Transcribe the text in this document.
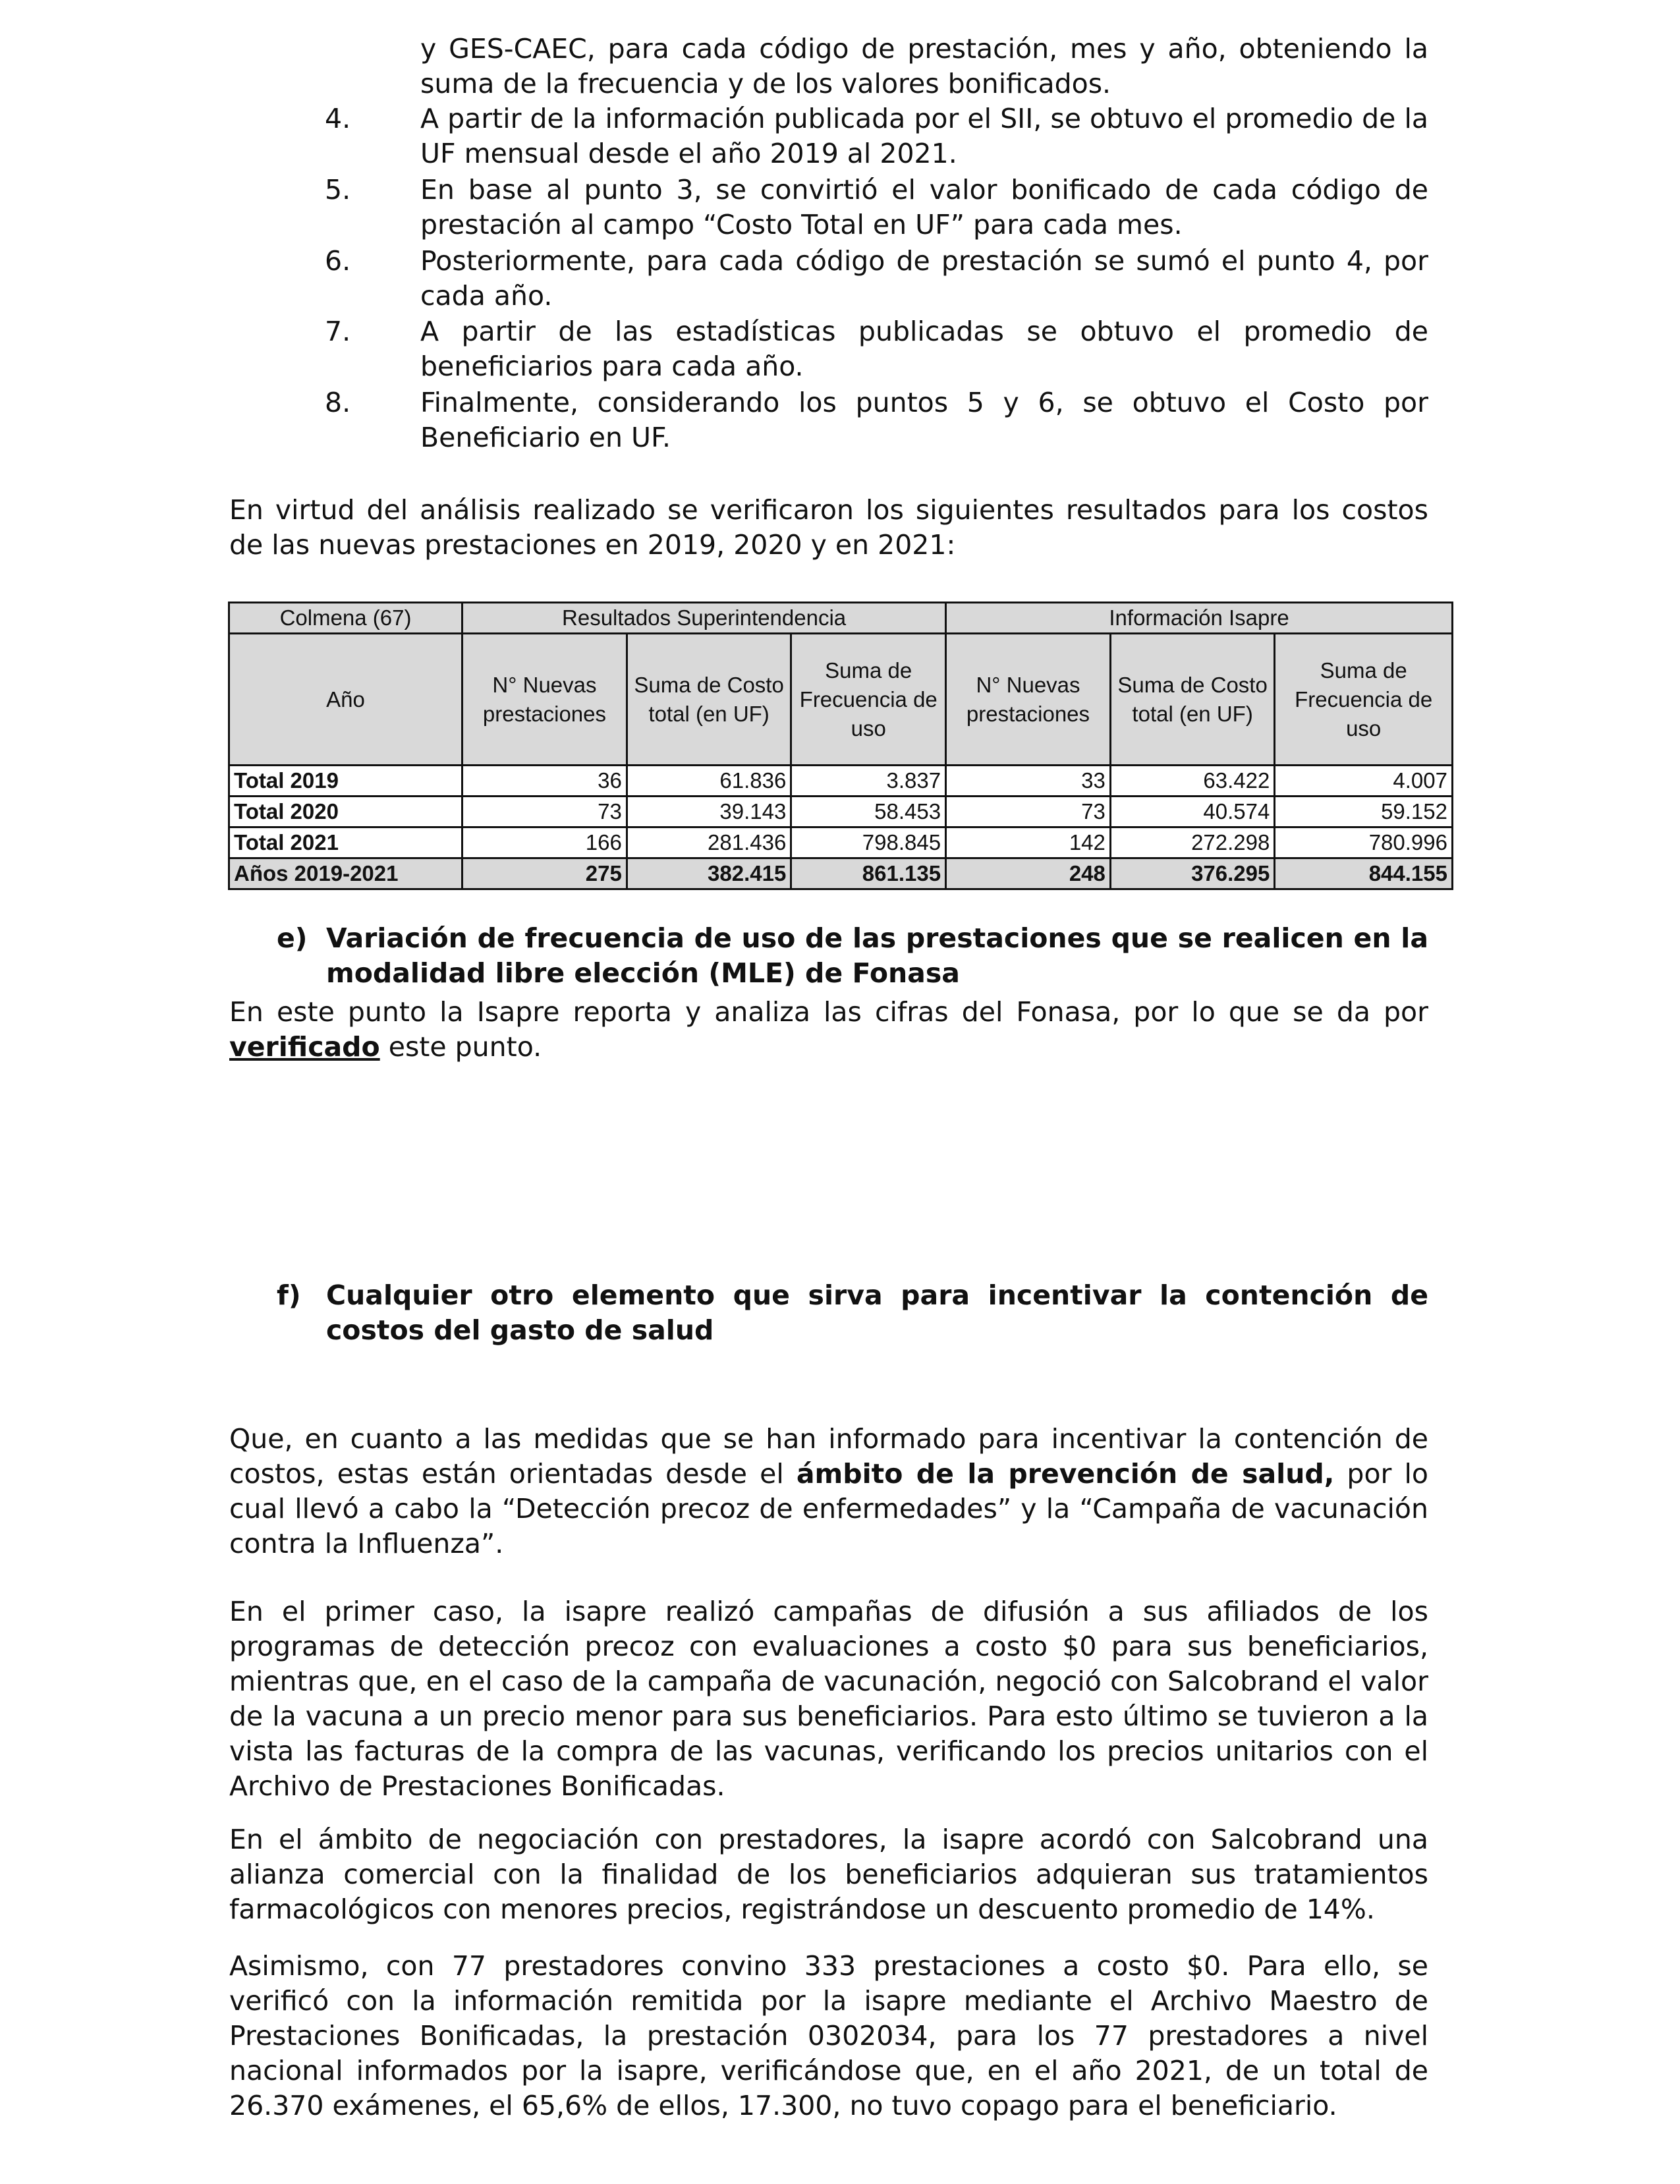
y GES-CAEC, para cada código de prestación, mes y año, obteniendo la suma de la frecuencia y de los valores bonificados.
4.	A partir de la información publicada por el SII, se obtuvo el promedio de la UF mensual desde el año 2019 al 2021.
5.	En base al punto 3, se convirtió el valor bonificado de cada código de prestación al campo “Costo Total en UF” para cada mes.
6.	Posteriormente, para cada código de prestación se sumó el punto 4, por cada año.
7.	A partir de las estadísticas publicadas se obtuvo el promedio de beneficiarios para cada año.
8.	Finalmente, considerando los puntos 5 y 6, se obtuvo el Costo por Beneficiario en UF.
En virtud del análisis realizado se verificaron los siguientes resultados para los costos de las nuevas prestaciones en 2019, 2020 y en 2021:
Colmena (67)	Resultados Superintendencia			Información Isapre		
Año	N° Nuevas prestaciones	Suma de Costo total (en UF)	Suma de Frecuencia de uso	N° Nuevas prestaciones	Suma de Costo total (en UF)	Suma de Frecuencia de uso
Total 2019	36	61.836	3.837	33	63.422	4.007
Total 2020	73	39.143	58.453	73	40.574	59.152
Total 2021	166	281.436	798.845	142	272.298	780.996
Años 2019-2021	275	382.415	861.135	248	376.295	844.155
e) Variación de frecuencia de uso de las prestaciones que se realicen en la modalidad libre elección (MLE) de Fonasa
En este punto la Isapre reporta y analiza las cifras del Fonasa, por lo que se da por verificado este punto.
f) Cualquier otro elemento que sirva para incentivar la contención de costos del gasto de salud
Que, en cuanto a las medidas que se han informado para incentivar la contención de costos, estas están orientadas desde el ámbito de la prevención de salud, por lo cual llevó a cabo la “Detección precoz de enfermedades” y la “Campaña de vacunación contra la Influenza”.
En el primer caso, la isapre realizó campañas de difusión a sus afiliados de los programas de detección precoz con evaluaciones a costo $0 para sus beneficiarios, mientras que, en el caso de la campaña de vacunación, negoció con Salcobrand el valor de la vacuna a un precio menor para sus beneficiarios. Para esto último se tuvieron a la vista las facturas de la compra de las vacunas, verificando los precios unitarios con el Archivo de Prestaciones Bonificadas.
En el ámbito de negociación con prestadores, la isapre acordó con Salcobrand una alianza comercial con la finalidad de los beneficiarios adquieran sus tratamientos farmacológicos con menores precios, registrándose un descuento promedio de 14%.
Asimismo, con 77 prestadores convino 333 prestaciones a costo $0. Para ello, se verificó con la información remitida por la isapre mediante el Archivo Maestro de Prestaciones Bonificadas, la prestación 0302034, para los 77 prestadores a nivel nacional informados por la isapre, verificándose que, en el año 2021, de un total de 26.370 exámenes, el 65,6% de ellos, 17.300, no tuvo copago para el beneficiario.
